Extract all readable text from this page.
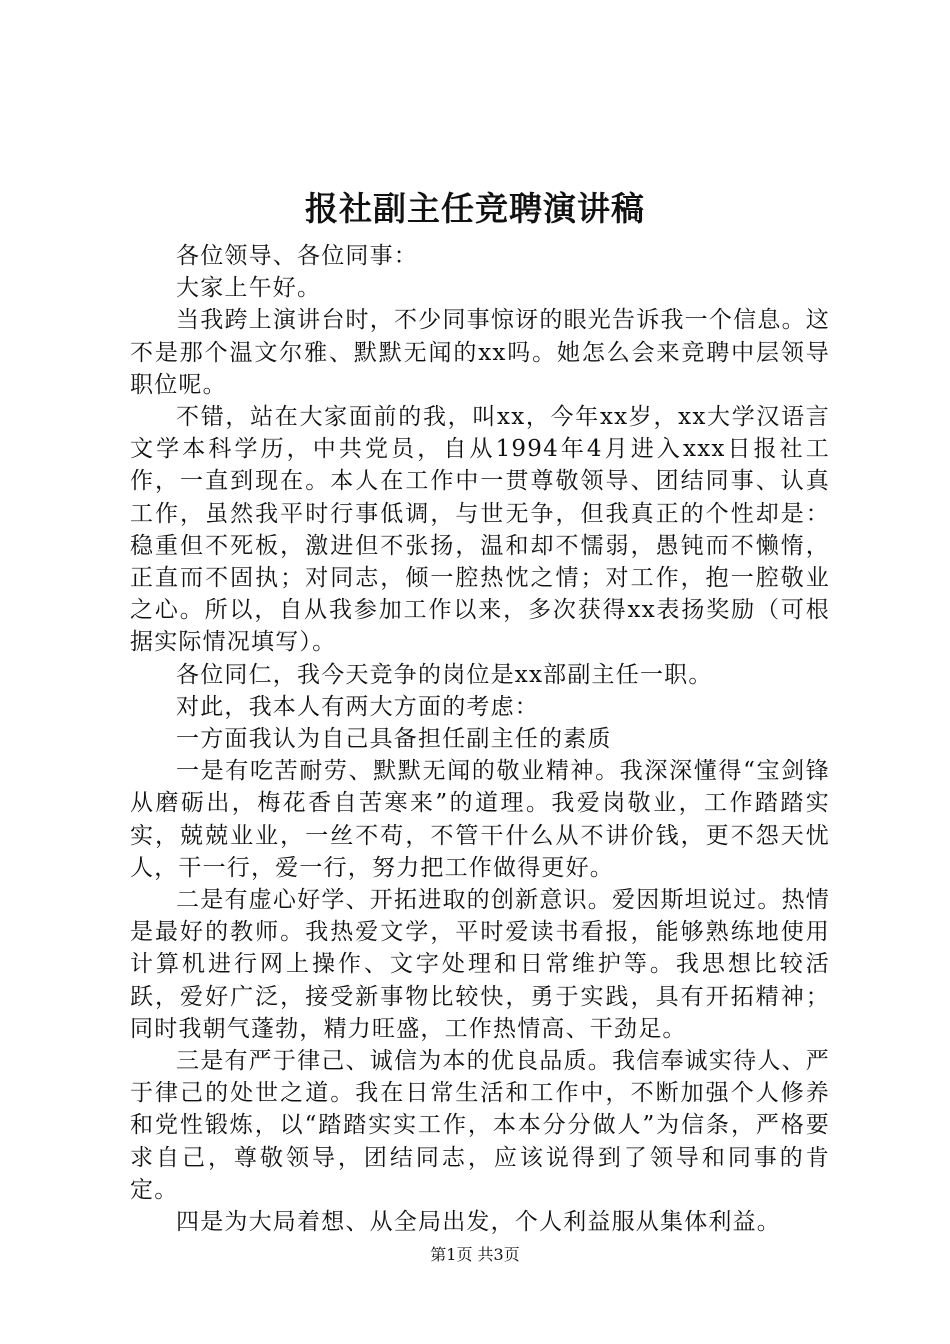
报社副主任竞聘演讲稿

各位领导、各位同事：

大家上午好。

当我跨上演讲台时，不少同事惊讶的眼光告诉我一个信息。这不是那个温文尔雅、默默无闻的xx吗。她怎么会来竞聘中层领导职位呢。

不错，站在大家面前的我，叫xx，今年xx岁，xx大学汉语言文学本科学历，中共党员，自从1994年4月进入xxx日报社工作，一直到现在。本人在工作中一贯尊敬领导、团结同事、认真工作，虽然我平时行事低调，与世无争，但我真正的个性却是：稳重但不死板，激进但不张扬，温和却不懦弱，愚钝而不懒惰，正直而不固执；对同志，倾一腔热忱之情；对工作，抱一腔敬业之心。所以，自从我参加工作以来，多次获得xx表扬奖励（可根据实际情况填写）。

各位同仁，我今天竞争的岗位是xx部副主任一职。

对此，我本人有两大方面的考虑：

一方面我认为自己具备担任副主任的素质

一是有吃苦耐劳、默默无闻的敬业精神。我深深懂得“宝剑锋从磨砺出，梅花香自苦寒来”的道理。我爱岗敬业，工作踏踏实实，兢兢业业，一丝不苟，不管干什么从不讲价钱，更不怨天忧人，干一行，爱一行，努力把工作做得更好。

二是有虚心好学、开拓进取的创新意识。爱因斯坦说过。热情是最好的教师。我热爱文学，平时爱读书看报，能够熟练地使用计算机进行网上操作、文字处理和日常维护等。我思想比较活跃，爱好广泛，接受新事物比较快，勇于实践，具有开拓精神；同时我朝气蓬勃，精力旺盛，工作热情高、干劲足。

三是有严于律己、诚信为本的优良品质。我信奉诚实待人、严于律己的处世之道。我在日常生活和工作中，不断加强个人修养和党性锻炼，以“踏踏实实工作，本本分分做人”为信条，严格要求自己，尊敬领导，团结同志，应该说得到了领导和同事的肯定。

四是为大局着想、从全局出发，个人利益服从集体利益。

第1页 共3页
